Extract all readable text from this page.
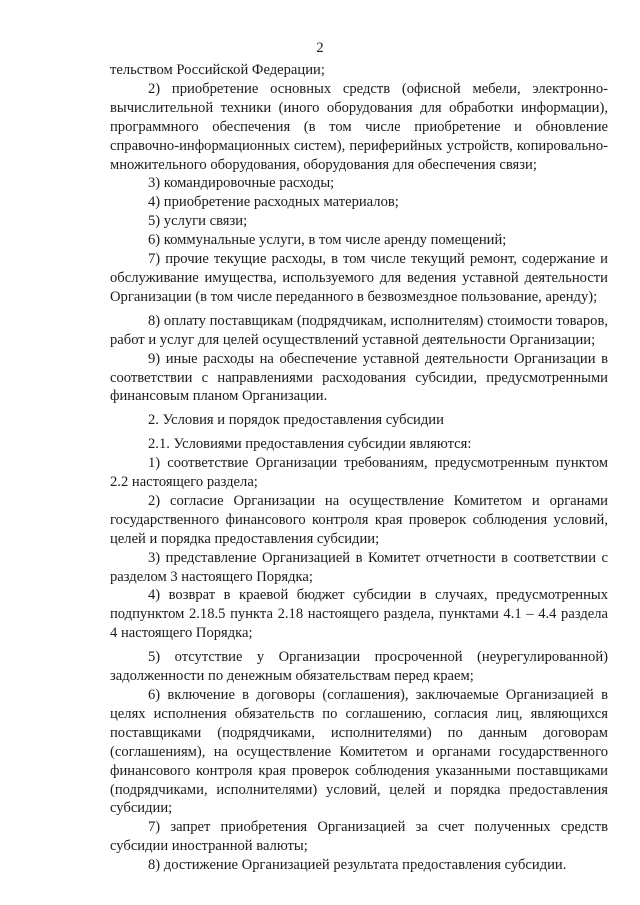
2

тельством Российской Федерации;

2) приобретение основных средств (офисной мебели, электронно-вычислительной техники (иного оборудования для обработки информации), программного обеспечения (в том числе приобретение и обновление справочно-информационных систем), периферийных устройств, копировально-множительного оборудования, оборудования для обеспечения связи;

3) командировочные расходы;

4) приобретение расходных материалов;

5) услуги связи;

6) коммунальные услуги, в том числе аренду помещений;

7) прочие текущие расходы, в том числе текущий ремонт, содержание и обслуживание имущества, используемого для ведения уставной деятельности Организации (в том числе переданного в безвозмездное пользование, аренду);

8) оплату поставщикам (подрядчикам, исполнителям) стоимости товаров, работ и услуг для целей осуществлений уставной деятельности Организации;

9) иные расходы на обеспечение уставной деятельности Организации в соответствии с направлениями расходования субсидии, предусмотренными финансовым планом Организации.

2. Условия и порядок предоставления субсидии

2.1. Условиями предоставления субсидии являются:

1) соответствие Организации требованиям, предусмотренным пунктом 2.2 настоящего раздела;

2) согласие Организации на осуществление Комитетом и органами государственного финансового контроля края проверок соблюдения условий, целей и порядка предоставления субсидии;

3) представление Организацией в Комитет отчетности в соответствии с разделом 3 настоящего Порядка;

4) возврат в краевой бюджет субсидии в случаях, предусмотренных подпунктом 2.18.5 пункта 2.18 настоящего раздела, пунктами 4.1 – 4.4 раздела 4 настоящего Порядка;

5) отсутствие у Организации просроченной (неурегулированной) задолженности по денежным обязательствам перед краем;

6) включение в договоры (соглашения), заключаемые Организацией в целях исполнения обязательств по соглашению, согласия лиц, являющихся поставщиками (подрядчиками, исполнителями) по данным договорам (соглашениям), на осуществление Комитетом и органами государственного финансового контроля края проверок соблюдения указанными поставщиками (подрядчиками, исполнителями) условий, целей и порядка предоставления субсидии;

7) запрет приобретения Организацией за счет полученных средств субсидии иностранной валюты;

8) достижение Организацией результата предоставления субсидии.
